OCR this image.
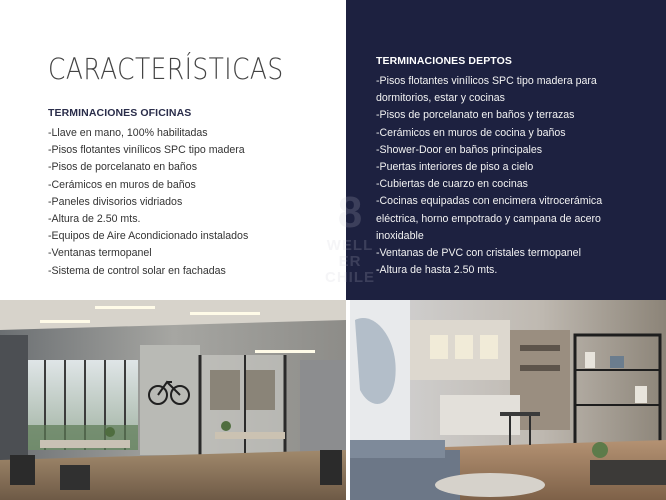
CARACTERÍSTICAS
TERMINACIONES OFICINAS
-Llave en mano, 100% habilitadas
-Pisos flotantes vinílicos SPC tipo madera
-Pisos de porcelanato en baños
-Cerámicos en muros de baños
-Paneles divisorios vidriados
-Altura de 2.50 mts.
-Equipos de Aire Acondicionado instalados
-Ventanas termopanel
-Sistema de control solar en fachadas
TERMINACIONES DEPTOS
-Pisos flotantes vinílicos SPC tipo madera para
dormitorios, estar y cocinas
-Pisos de porcelanato en baños y terrazas
-Cerámicos en muros de cocina y baños
-Shower-Door en baños principales
-Puertas interiores de piso a cielo
-Cubiertas de cuarzo en cocinas
-Cocinas equipadas con encimera vitrocerámica
eléctrica, horno empotrado y campana de acero
inoxidable
-Ventanas de PVC con cristales termopanel
-Altura de hasta 2.50 mts.
